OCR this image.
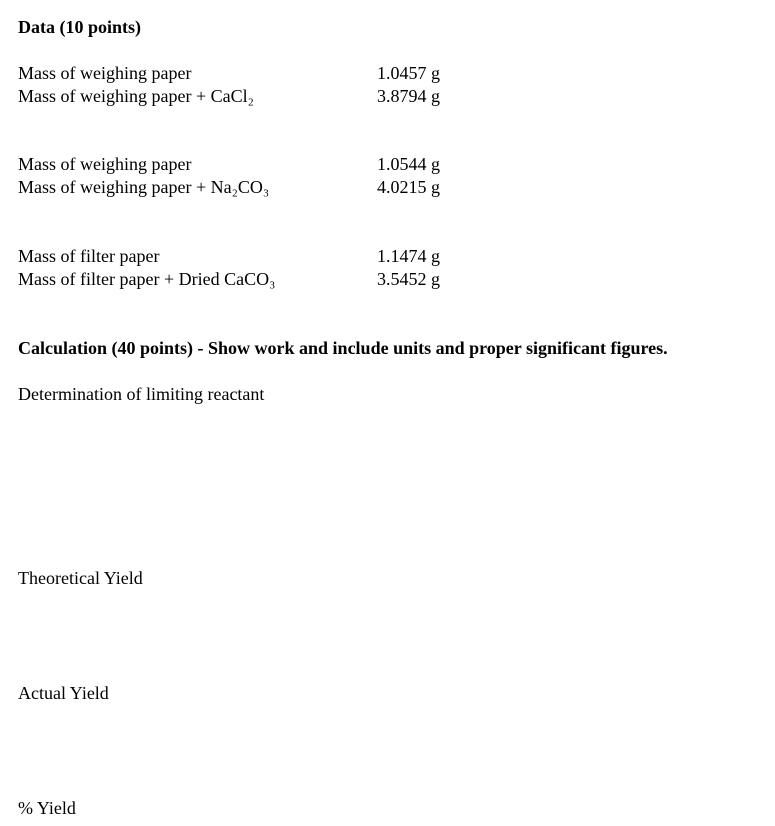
Data (10 points)
Mass of weighing paper	1.0457 g
Mass of weighing paper + CaCl₂	3.8794 g
Mass of weighing paper	1.0544 g
Mass of weighing paper + Na₂CO₃	4.0215 g
Mass of filter paper	1.1474 g
Mass of filter paper + Dried CaCO₃	3.5452 g
Calculation (40 points) - Show work and include units and proper significant figures.
Determination of limiting reactant
Theoretical Yield
Actual Yield
% Yield
